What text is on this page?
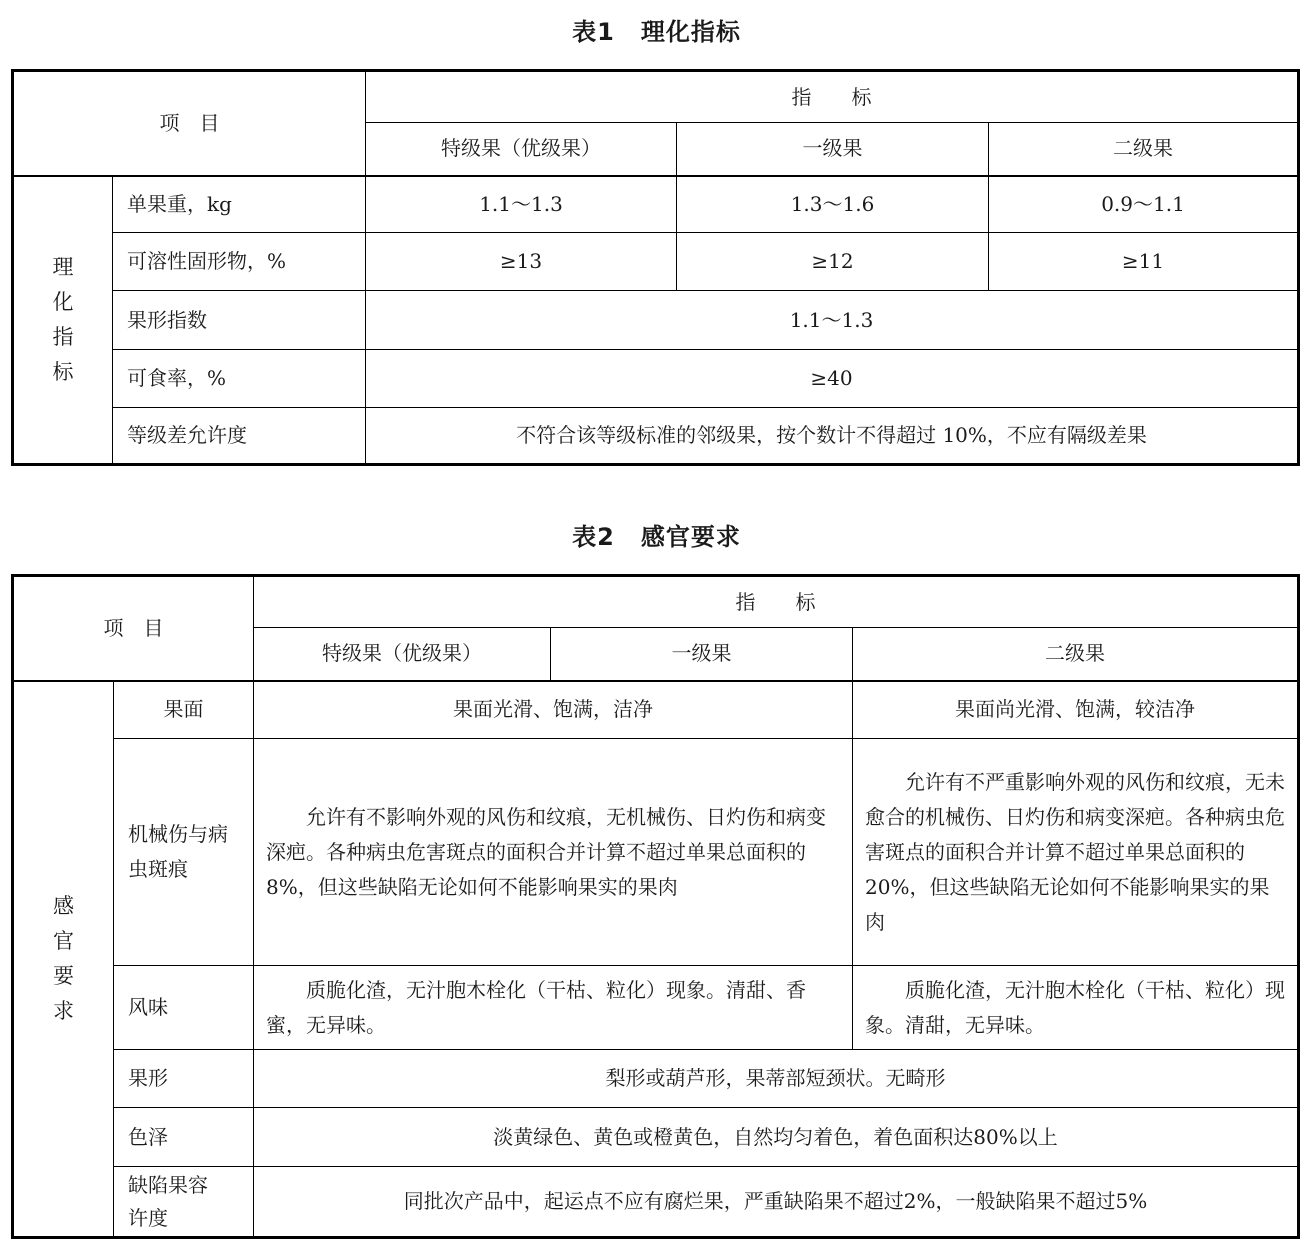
表1 理化指标
项　目		指　　标		
		特级果（优级果）	一级果	二级果
理化指标	单果重，kg	1.1～1.3	1.3～1.6	0.9～1.1
	可溶性固形物，%	≥13	≥12	≥11
	果形指数	1.1～1.3		
	可食率，%	≥40		
	等级差允许度	不符合该等级标准的邻级果，按个数计不得超过 10%，不应有隔级差果		
表2 感官要求
项　目		指　　标		
		特级果（优级果）	一级果	二级果
感官要求	果面	果面光滑、饱满，洁净		果面尚光滑、饱满，较洁净
	机械伤与病虫斑痕	允许有不影响外观的风伤和纹痕，无机械伤、日灼伤和病变深疤。各种病虫危害斑点的面积合并计算不超过单果总面积的8%，但这些缺陷无论如何不能影响果实的果肉		允许有不严重影响外观的风伤和纹痕，无未愈合的机械伤、日灼伤和病变深疤。各种病虫危害斑点的面积合并计算不超过单果总面积的20%，但这些缺陷无论如何不能影响果实的果肉
	风味	质脆化渣，无汁胞木栓化（干枯、粒化）现象。清甜、香蜜，无异味。		质脆化渣，无汁胞木栓化（干枯、粒化）现象。清甜，无异味。
	果形	梨形或葫芦形，果蒂部短颈状。无畸形		
	色泽	淡黄绿色、黄色或橙黄色，自然均匀着色，着色面积达80%以上		
	缺陷果容许度	同批次产品中，起运点不应有腐烂果，严重缺陷果不超过2%，一般缺陷果不超过5%		
